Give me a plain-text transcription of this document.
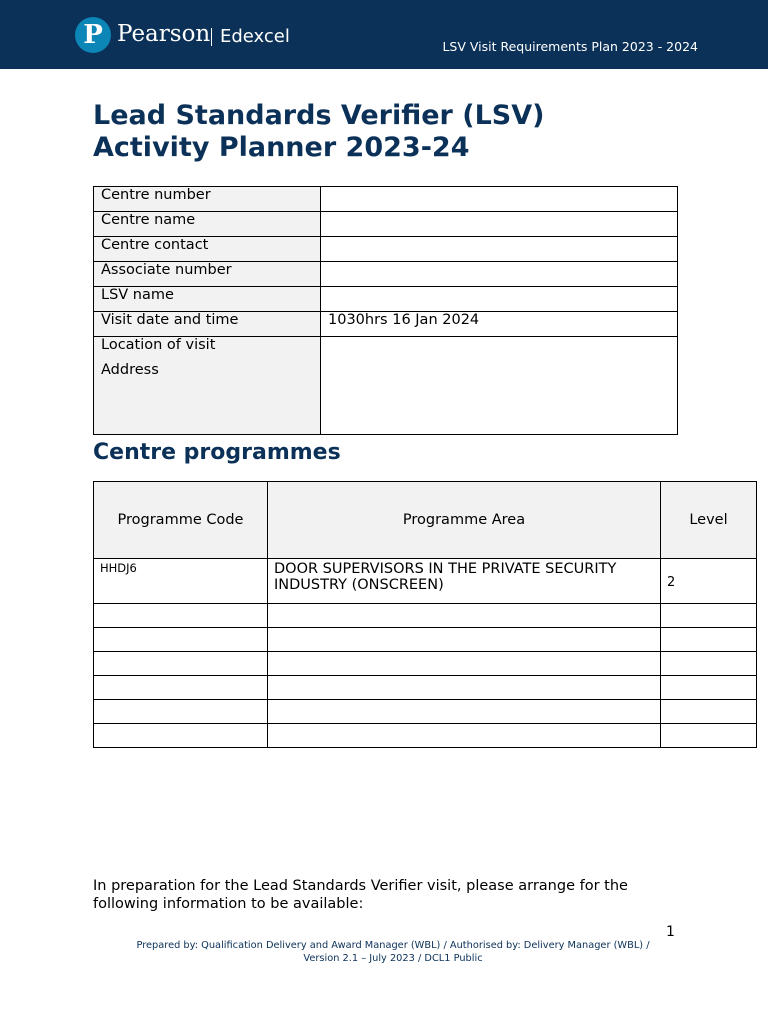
P Pearson Edexcel	LSV Visit Requirements Plan 2023 - 2024
Lead Standards Verifier (LSV)
Activity Planner 2023-24
Centre number	
Centre name	
Centre contact	
Associate number	
LSV name	
Visit date and time	1030hrs 16 Jan 2024
Location of visit
Address	

Centre programmes
Programme Code	Programme Area	Level
HHDJ6	DOOR SUPERVISORS IN THE PRIVATE SECURITY INDUSTRY (ONSCREEN)	2

In preparation for the Lead Standards Verifier visit, please arrange for the following information to be available:

1
Prepared by: Qualification Delivery and Award Manager (WBL) / Authorised by: Delivery Manager (WBL) /
Version 2.1 – July 2023 / DCL1 Public
